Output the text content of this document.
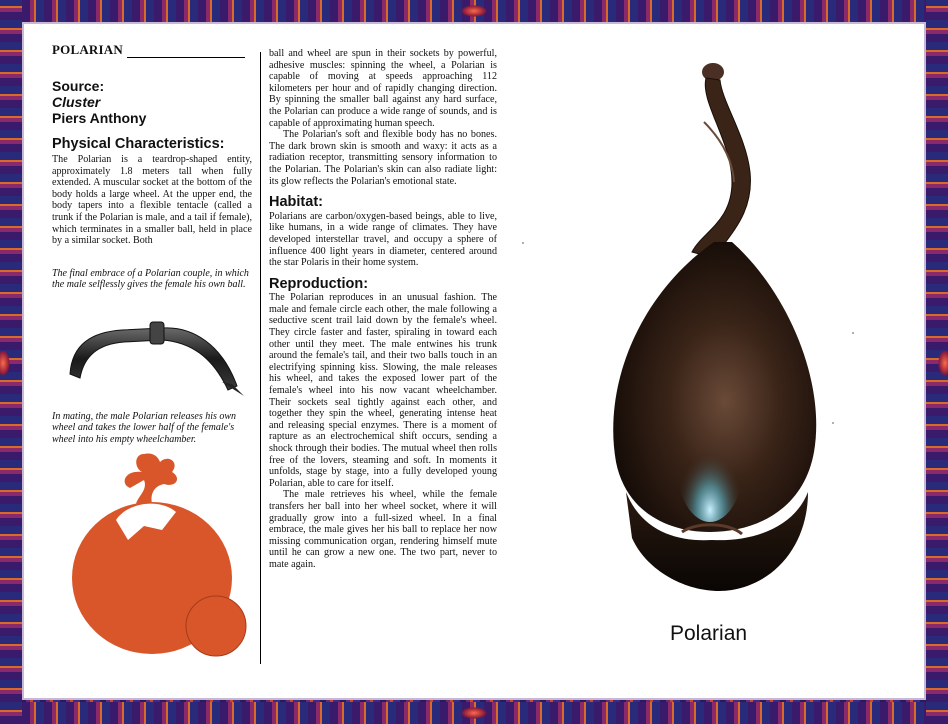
POLARIAN
Source:
Cluster
Piers Anthony
Physical Characteristics:
The Polarian is a teardrop-shaped entity, approximately 1.8 meters tall when fully extended. A muscular socket at the bottom of the body holds a large wheel. At the upper end, the body tapers into a flexible tentacle (called a trunk if the Polarian is male, and a tail if female), which terminates in a smaller ball, held in place by a similar socket. Both
The final embrace of a Polarian couple, in which the male selflessly gives the female his own ball.
In mating, the male Polarian releases his own wheel and takes the lower half of the female's wheel into his empty wheelchamber.

ball and wheel are spun in their sockets by powerful, adhesive muscles: spinning the wheel, a Polarian is capable of moving at speeds approaching 112 kilometers per hour and of rapidly changing direction. By spinning the smaller ball against any hard surface, the Polarian can produce a wide range of sounds, and is capable of approximating human speech.

The Polarian's soft and flexible body has no bones. The dark brown skin is smooth and waxy: it acts as a radiation receptor, transmitting sensory information to the Polarian. The Polarian's skin can also radiate light: its glow reflects the Polarian's emotional state.

Habitat:

Polarians are carbon/oxygen-based beings, able to live, like humans, in a wide range of climates. They have developed interstellar travel, and occupy a sphere of influence 400 light years in diameter, centered around the star Polaris in their home system.

Reproduction:

The Polarian reproduces in an unusual fashion. The male and female circle each other, the male following a seductive scent trail laid down by the female's wheel. They circle faster and faster, spiraling in toward each other until they meet. The male entwines his trunk around the female's tail, and their two balls touch in an electrifying spinning kiss. Slowing, the male releases his wheel, and takes the exposed lower part of the female's wheel into his now vacant wheelchamber. Their sockets seal tightly against each other, and together they spin the wheel, generating intense heat and releasing special enzymes. There is a moment of rapture as an electrochemical shift occurs, sending a shock through their bodies. The mutual wheel then rolls free of the lovers, steaming and soft. In moments it unfolds, stage by stage, into a fully developed young Polarian, able to care for itself.

The male retrieves his wheel, while the female transfers her ball into her wheel socket, where it will gradually grow into a full-sized wheel. In a final embrace, the male gives her his ball to replace her now missing communication organ, rendering himself mute until he can grow a new one. The two part, never to mate again.

Polarian
